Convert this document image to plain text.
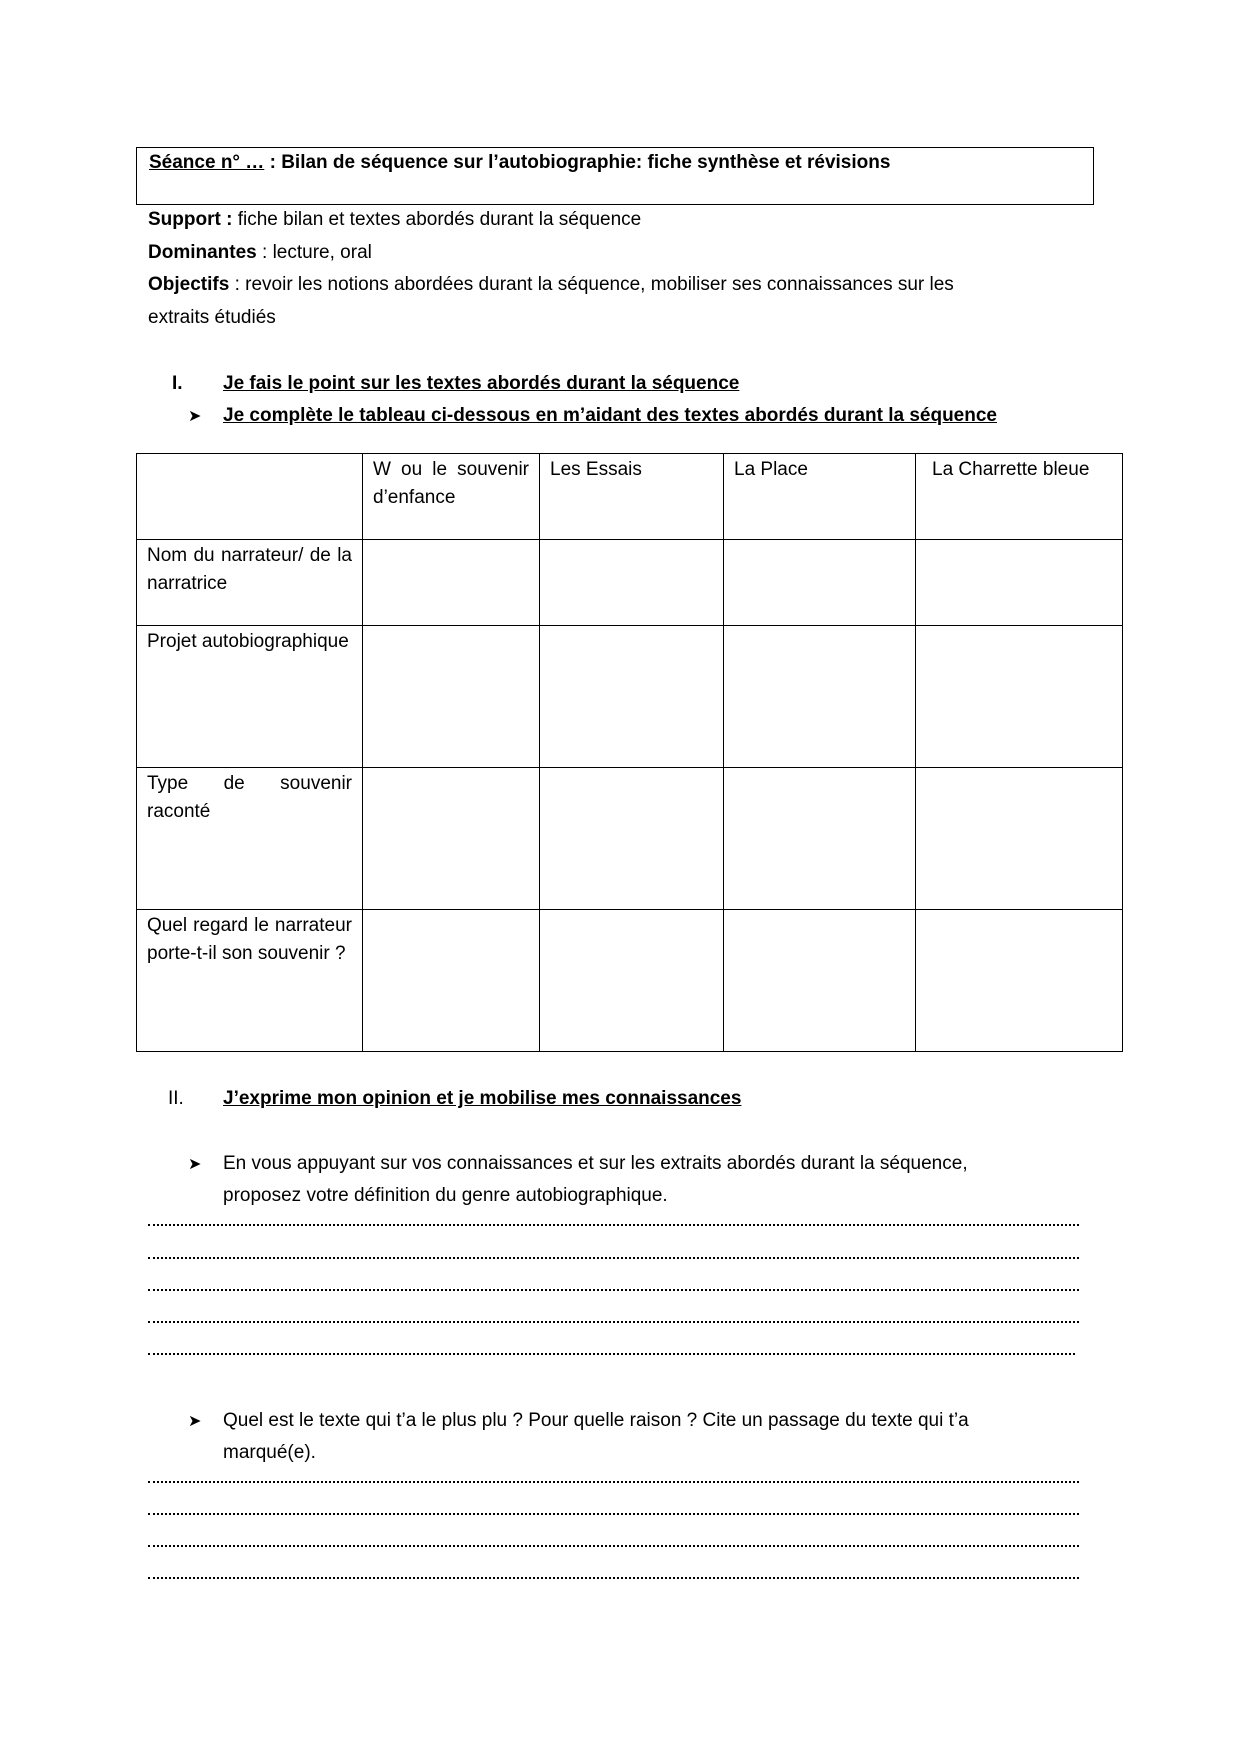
Séance n° … : Bilan de séquence sur l’autobiographie: fiche synthèse et révisions
Support : fiche bilan et textes abordés durant la séquence
Dominantes : lecture, oral
Objectifs : revoir les notions abordées durant la séquence, mobiliser ses connaissances sur les
extraits étudiés
I. Je fais le point sur les textes abordés durant la séquence
➤ Je complète le tableau ci-dessous en m’aidant des textes abordés durant la séquence
	W ou le souvenir d’enfance	Les Essais	La Place	La Charrette bleue
Nom du narrateur/ de la narratrice				
Projet autobiographique				
Type de souvenir raconté				
Quel regard le narrateur porte-t-il son souvenir ?				
II. J’exprime mon opinion et je mobilise mes connaissances
➤ En vous appuyant sur vos connaissances et sur les extraits abordés durant la séquence,
proposez votre définition du genre autobiographique.
➤ Quel est le texte qui t’a le plus plu ? Pour quelle raison ? Cite un passage du texte qui t’a
marqué(e).
